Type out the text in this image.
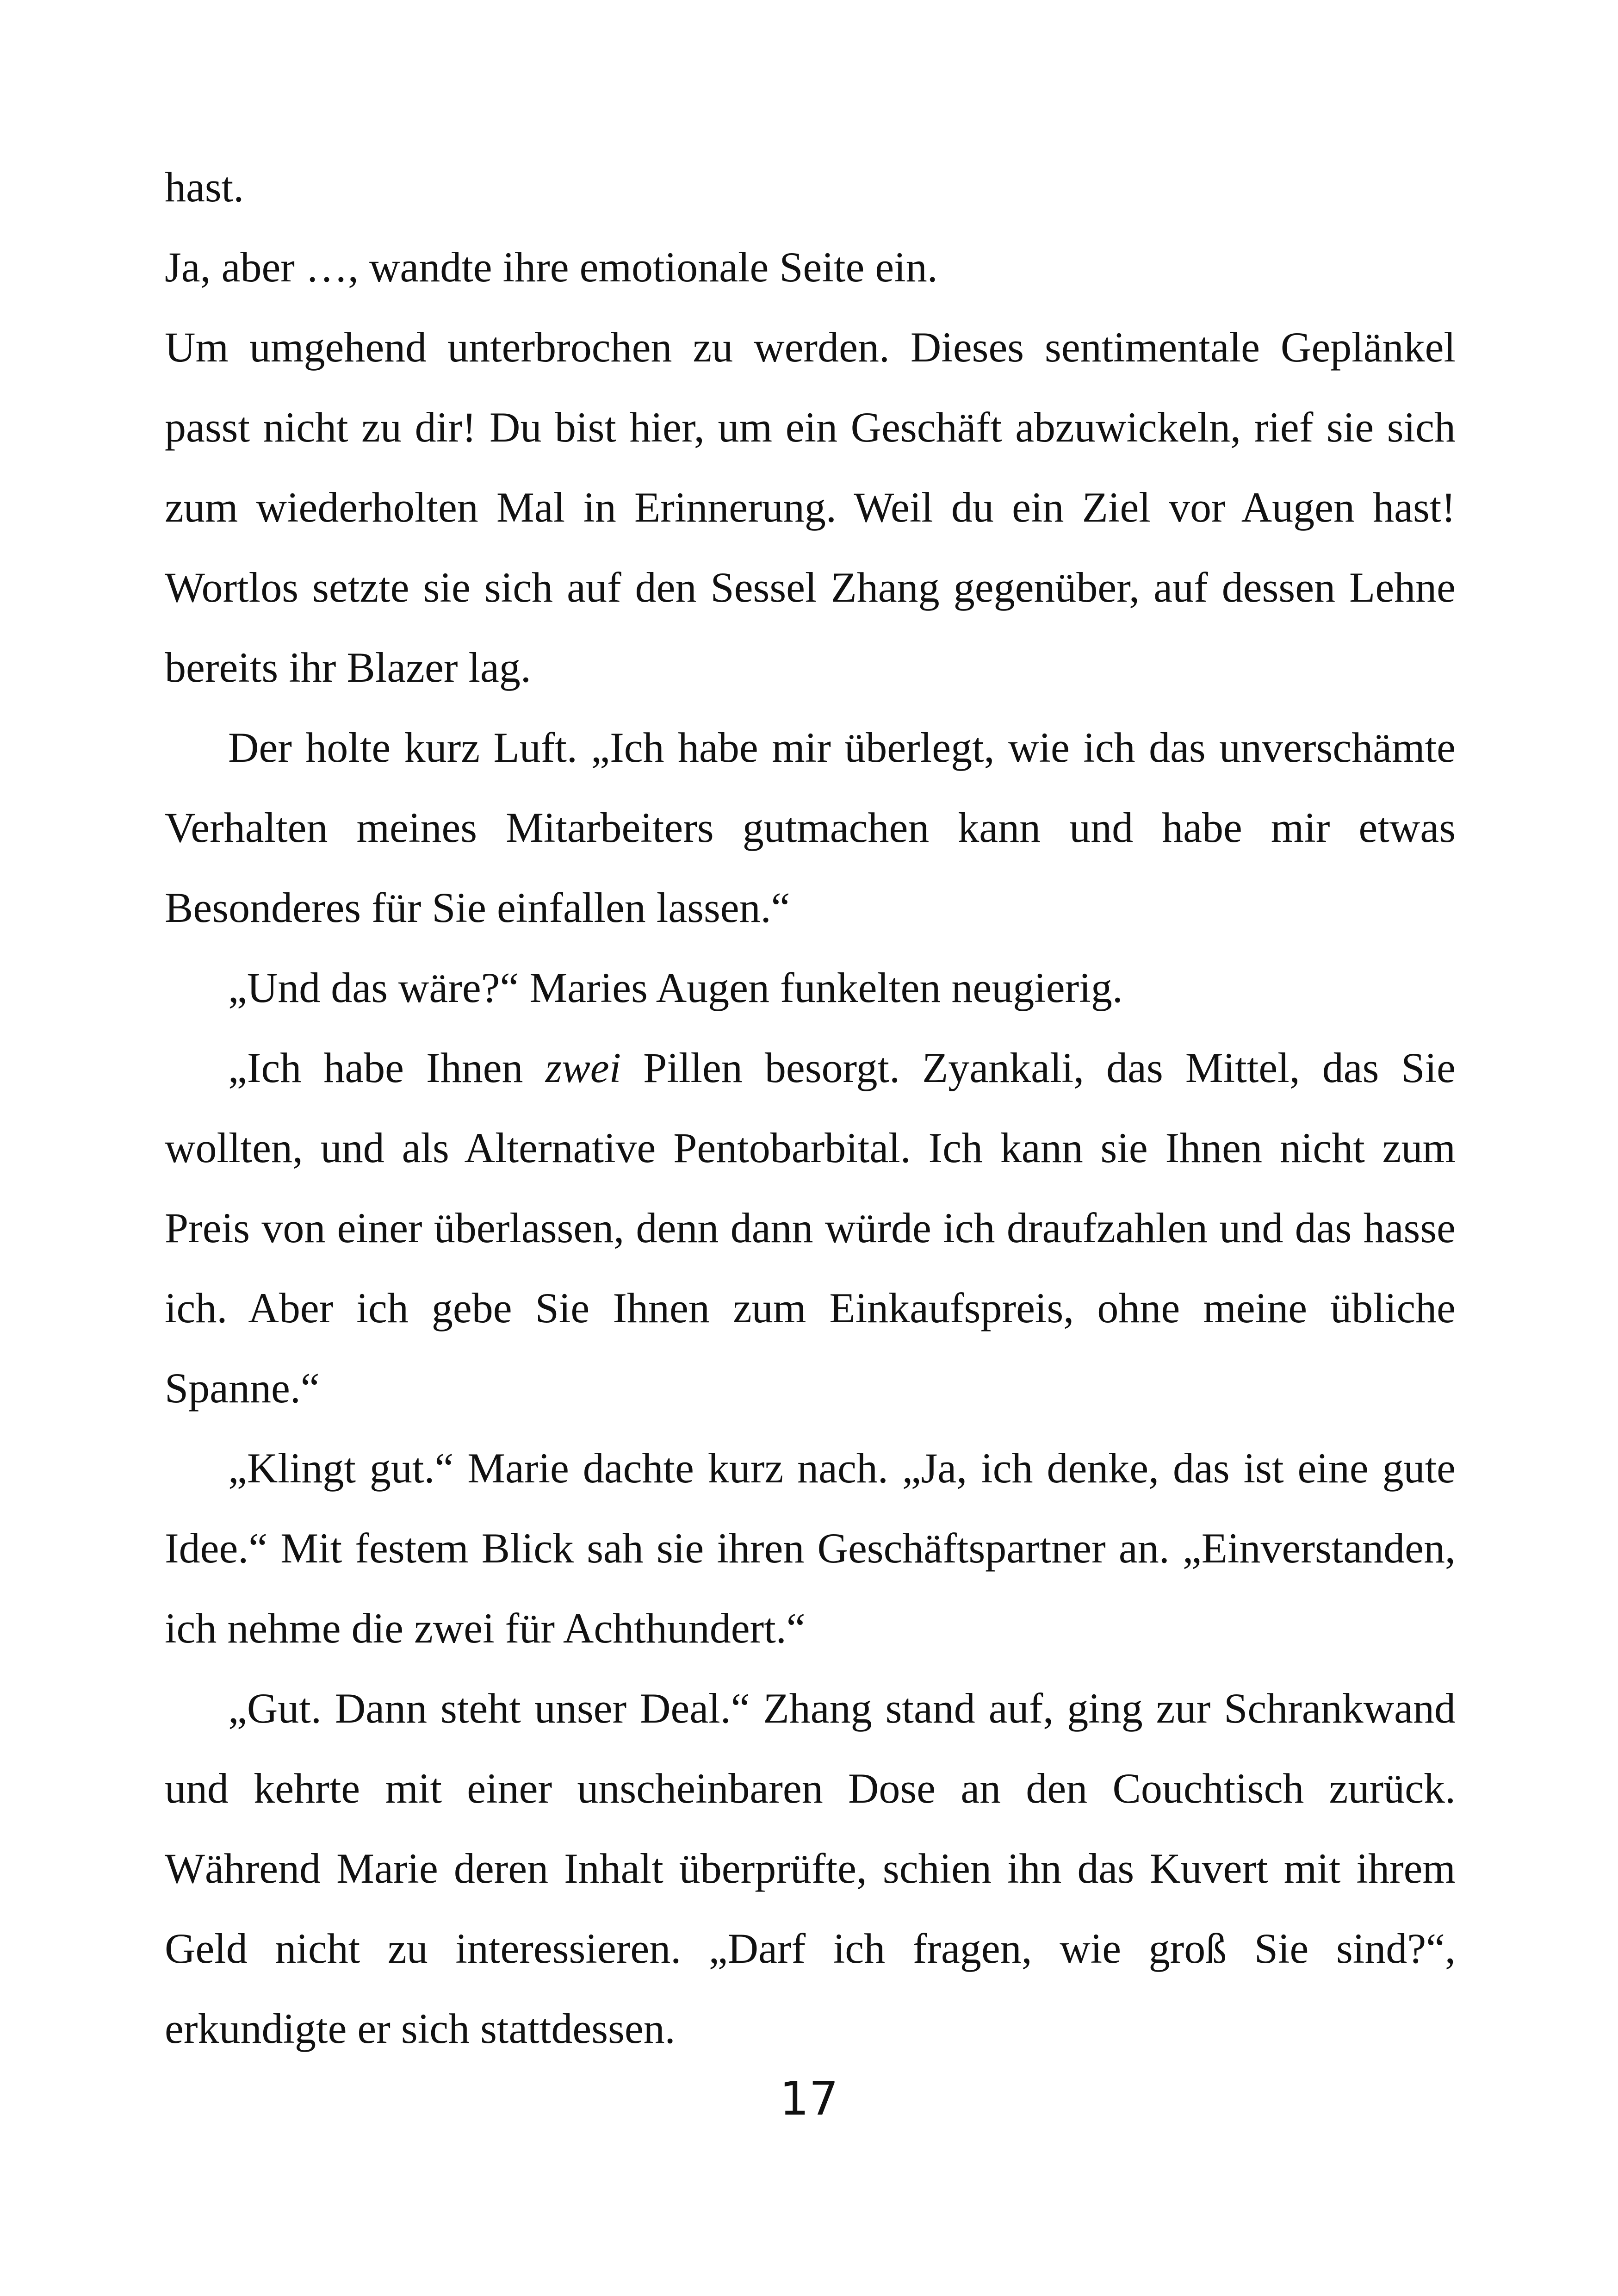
hast.

Ja, aber …, wandte ihre emotionale Seite ein.

Um umgehend unterbrochen zu werden. Dieses sentimentale Geplänkel passt nicht zu dir! Du bist hier, um ein Geschäft abzuwickeln, rief sie sich zum wiederholten Mal in Erinnerung. Weil du ein Ziel vor Augen hast! Wortlos setzte sie sich auf den Sessel Zhang gegenüber, auf dessen Lehne bereits ihr Blazer lag.

Der holte kurz Luft. „Ich habe mir überlegt, wie ich das unverschämte Verhalten meines Mitarbeiters gutmachen kann und habe mir etwas Besonderes für Sie einfallen lassen.“

„Und das wäre?“ Maries Augen funkelten neugierig.

„Ich habe Ihnen zwei Pillen besorgt. Zyankali, das Mittel, das Sie wollten, und als Alternative Pentobarbital. Ich kann sie Ihnen nicht zum Preis von einer überlassen, denn dann würde ich draufzahlen und das hasse ich. Aber ich gebe Sie Ihnen zum Einkaufspreis, ohne meine übliche Spanne.“

„Klingt gut.“ Marie dachte kurz nach. „Ja, ich denke, das ist eine gute Idee.“ Mit festem Blick sah sie ihren Geschäftspartner an. „Einverstanden, ich nehme die zwei für Achthundert.“

„Gut. Dann steht unser Deal.“ Zhang stand auf, ging zur Schrankwand und kehrte mit einer unscheinbaren Dose an den Couchtisch zurück. Während Marie deren Inhalt überprüfte, schien ihn das Kuvert mit ihrem Geld nicht zu interessieren. „Darf ich fragen, wie groß Sie sind?“, erkundigte er sich stattdessen.

17
